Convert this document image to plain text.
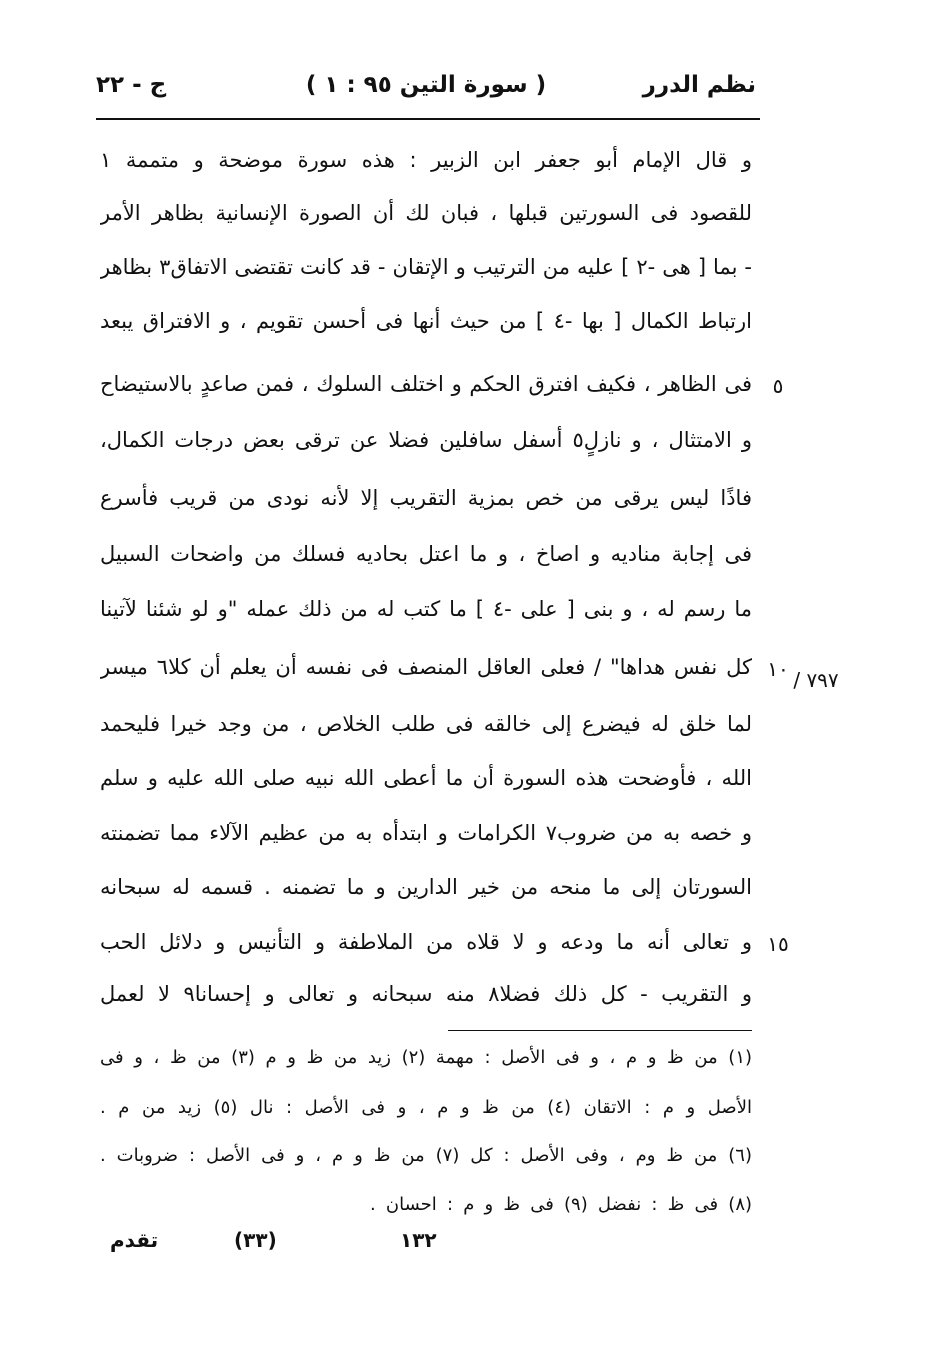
نظم الدرر
( سورة التين ٩٥ : ١ )
ج - ٢٢
و قال الإمام أبو جعفر ابن الزبير : هذه سورة موضحة و متممة ١
للقصود فى السورتين قبلها ، فبان لك أن الصورة الإنسانية بظاهر الأمر
- بما [ هى -٢ ] عليه من الترتيب و الإتقان - قد كانت تقتضى الاتفاق٣ بظاهر
ارتباط الكمال [ بها -٤ ] من حيث أنها فى أحسن تقويم ، و الافتراق يبعد
فى الظاهر ، فكيف افترق الحكم و اختلف السلوك ، فمن صاعدٍ بالاستيضاح
و الامتثال ، و نازلٍ٥ أسفل سافلين فضلا عن ترقى بعض درجات الكمال،
فاذًا ليس يرقى من خص بمزية التقريب إلا لأنه نودى من قريب فأسرع
فى إجابة مناديه و اصاخ ، و ما اعتل بحاديه فسلك من واضحات السبيل
ما رسم له ، و بنى [ على -٤ ] ما كتب له من ذلك عمله "و لو شئنا لآتينا
كل نفس هداها" / فعلى العاقل المنصف فى نفسه أن يعلم أن كلا٦ ميسر
لما خلق له فيضرع إلى خالقه فى طلب الخلاص ، من وجد خيرا فليحمد
الله ، فأوضحت هذه السورة أن ما أعطى الله نبيه صلى الله عليه و سلم
و خصه به من ضروب٧ الكرامات و ابتدأه به من عظيم الآلاء مما تضمنته
السورتان إلى ما منحه من خير الدارين و ما تضمنه . قسمه له سبحانه
و تعالى أنه ما ودعه و لا قلاه من الملاطفة و التأنيس و دلائل الحب
و التقريب - كل ذلك فضلا٨ منه سبحانه و تعالى و إحسانا٩ لا لعمل
٥
١٠
١٥
٧٩٧ /
(١) من ظ و م ، و فى الأصل : مهمة (٢) زيد من ظ و م (٣) من ظ ، و فى
الأصل و م : الاتقان (٤) من ظ و م ، و فى الأصل : نال (٥) زيد من م .
(٦) من ظ وم ، وفى الأصل : كل (٧) من ظ و م ، و فى الأصل : ضروبات .
(٨) فى ظ : نفضل (٩) فى ظ و م : احسان .
١٣٢
(٣٣)
تقدم
